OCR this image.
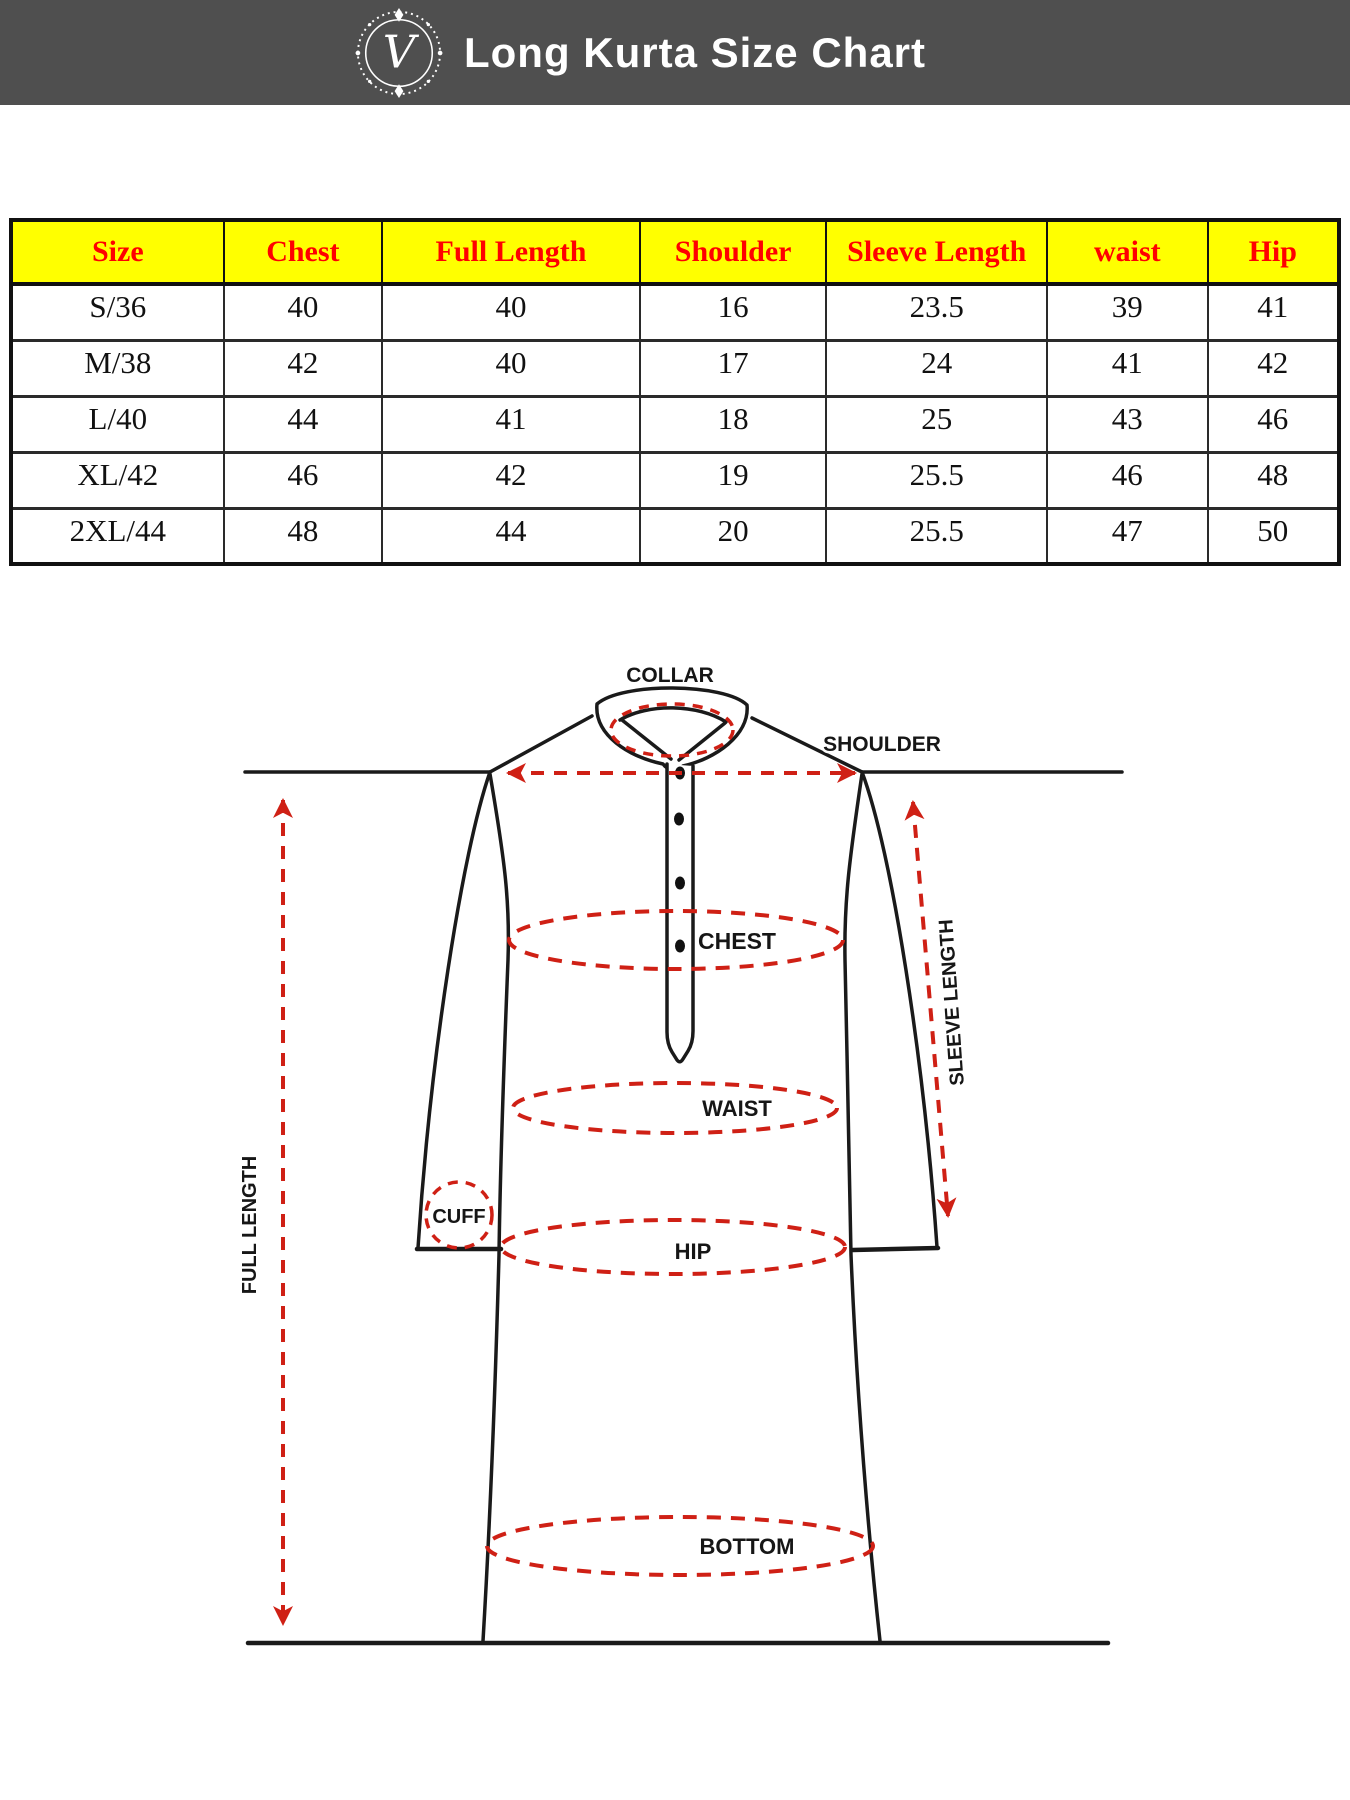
V Long Kurta Size Chart
Size	Chest	Full Length	Shoulder	Sleeve Length	waist	Hip
S/36	40	40	16	23.5	39	41
M/38	42	40	17	24	41	42
L/40	44	41	18	25	43	46
XL/42	46	42	19	25.5	46	48
2XL/44	48	44	20	25.5	47	50
COLLAR
SHOULDER
CHEST
WAIST
HIP
CUFF
BOTTOM
FULL LENGTH
SLEEVE LENGTH
